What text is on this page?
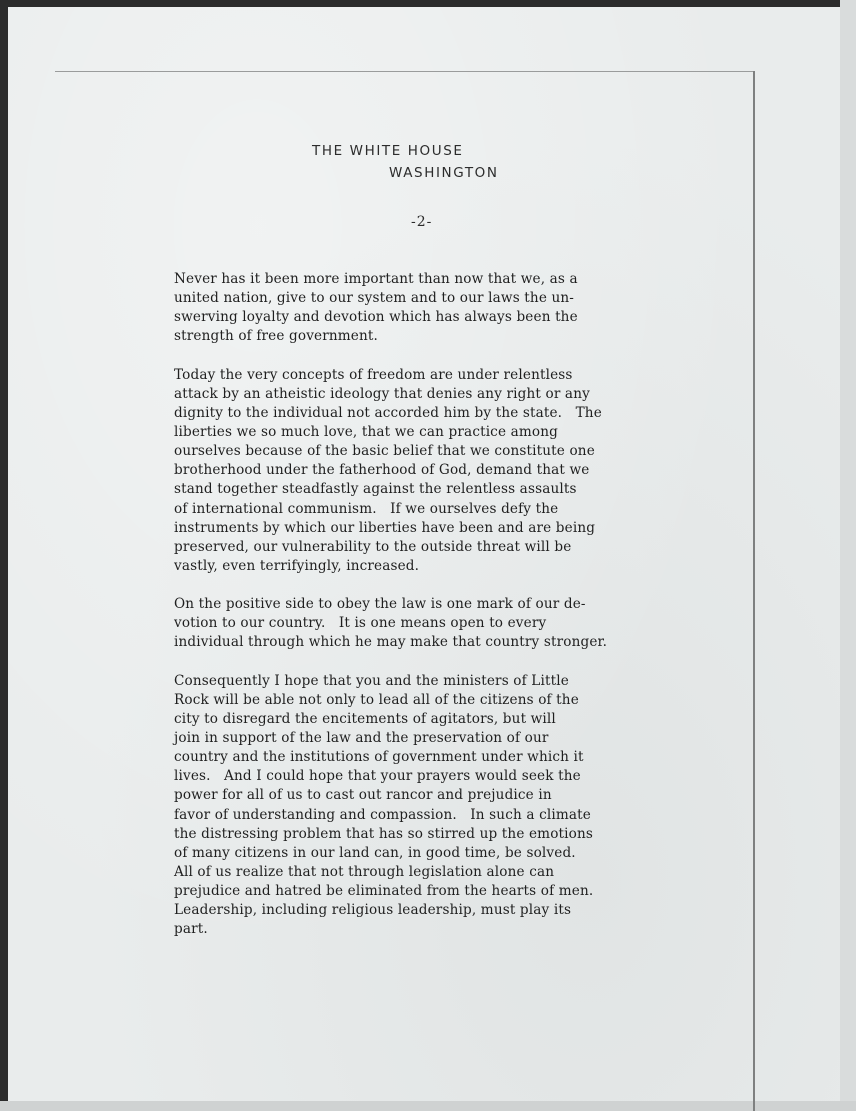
THE WHITE HOUSE
WASHINGTON
-2-
Never has it been more important than now that we, as a
united nation, give to our system and to our laws the un-
swerving loyalty and devotion which has always been the
strength of free government.
Today the very concepts of freedom are under relentless
attack by an atheistic ideology that denies any right or any
dignity to the individual not accorded him by the state.   The
liberties we so much love, that we can practice among
ourselves because of the basic belief that we constitute one
brotherhood under the fatherhood of God, demand that we
stand together steadfastly against the relentless assaults
of international communism.   If we ourselves defy the
instruments by which our liberties have been and are being
preserved, our vulnerability to the outside threat will be
vastly, even terrifyingly, increased.
On the positive side to obey the law is one mark of our de-
votion to our country.   It is one means open to every
individual through which he may make that country stronger.
Consequently I hope that you and the ministers of Little
Rock will be able not only to lead all of the citizens of the
city to disregard the encitements of agitators, but will
join in support of the law and the preservation of our
country and the institutions of government under which it
lives.   And I could hope that your prayers would seek the
power for all of us to cast out rancor and prejudice in
favor of understanding and compassion.   In such a climate
the distressing problem that has so stirred up the emotions
of many citizens in our land can, in good time, be solved.
All of us realize that not through legislation alone can
prejudice and hatred be eliminated from the hearts of men.
Leadership, including religious leadership, must play its
part.
